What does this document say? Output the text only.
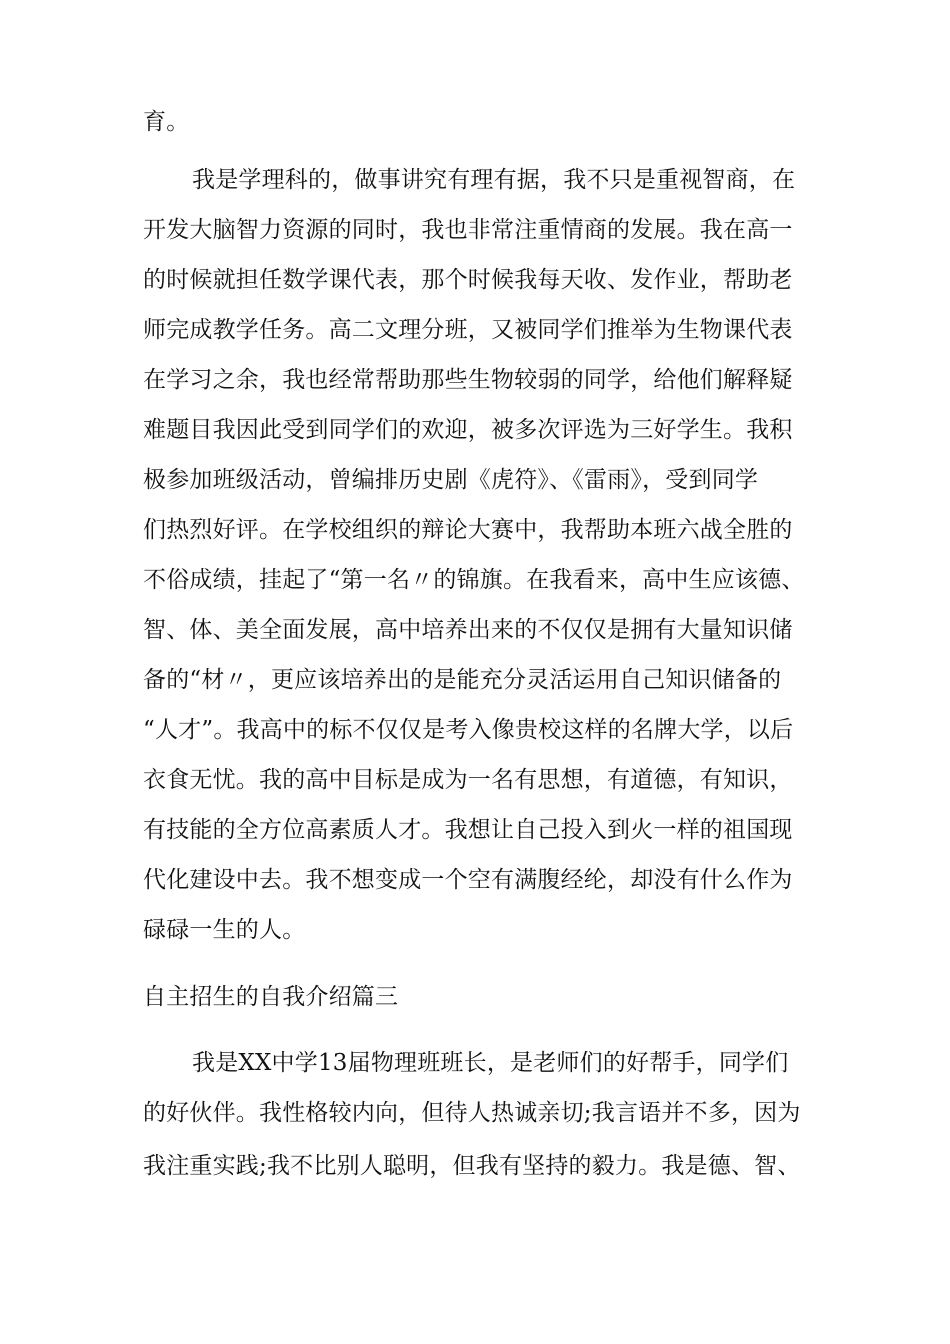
育。
我是学理科的，做事讲究有理有据，我不只是重视智商，在
开发大脑智力资源的同时，我也非常注重情商的发展。我在高一
的时候就担任数学课代表，那个时候我每天收、发作业，帮助老
师完成教学任务。高二文理分班，又被同学们推举为生物课代表
在学习之余，我也经常帮助那些生物较弱的同学，给他们解释疑
难题目我因此受到同学们的欢迎，被多次评选为三好学生。我积
极参加班级活动，曾编排历史剧《虎符》、《雷雨》，受到同学
们热烈好评。在学校组织的辩论大赛中，我帮助本班六战全胜的
不俗成绩，挂起了“第一名〃的锦旗。在我看来，高中生应该德、
智、体、美全面发展，高中培养出来的不仅仅是拥有大量知识储
备的“材〃，更应该培养出的是能充分灵活运用自己知识储备的
“人才”。我高中的标不仅仅是考入像贵校这样的名牌大学，以后
衣食无忧。我的高中目标是成为一名有思想，有道德，有知识，
有技能的全方位高素质人才。我想让自己投入到火一样的祖国现
代化建设中去。我不想变成一个空有满腹经纶，却没有什么作为
碌碌一生的人。
自主招生的自我介绍篇三
我是XX中学13届物理班班长，是老师们的好帮手，同学们
的好伙伴。我性格较内向，但待人热诚亲切;我言语并不多，因为
我注重实践;我不比别人聪明，但我有坚持的毅力。我是德、智、
